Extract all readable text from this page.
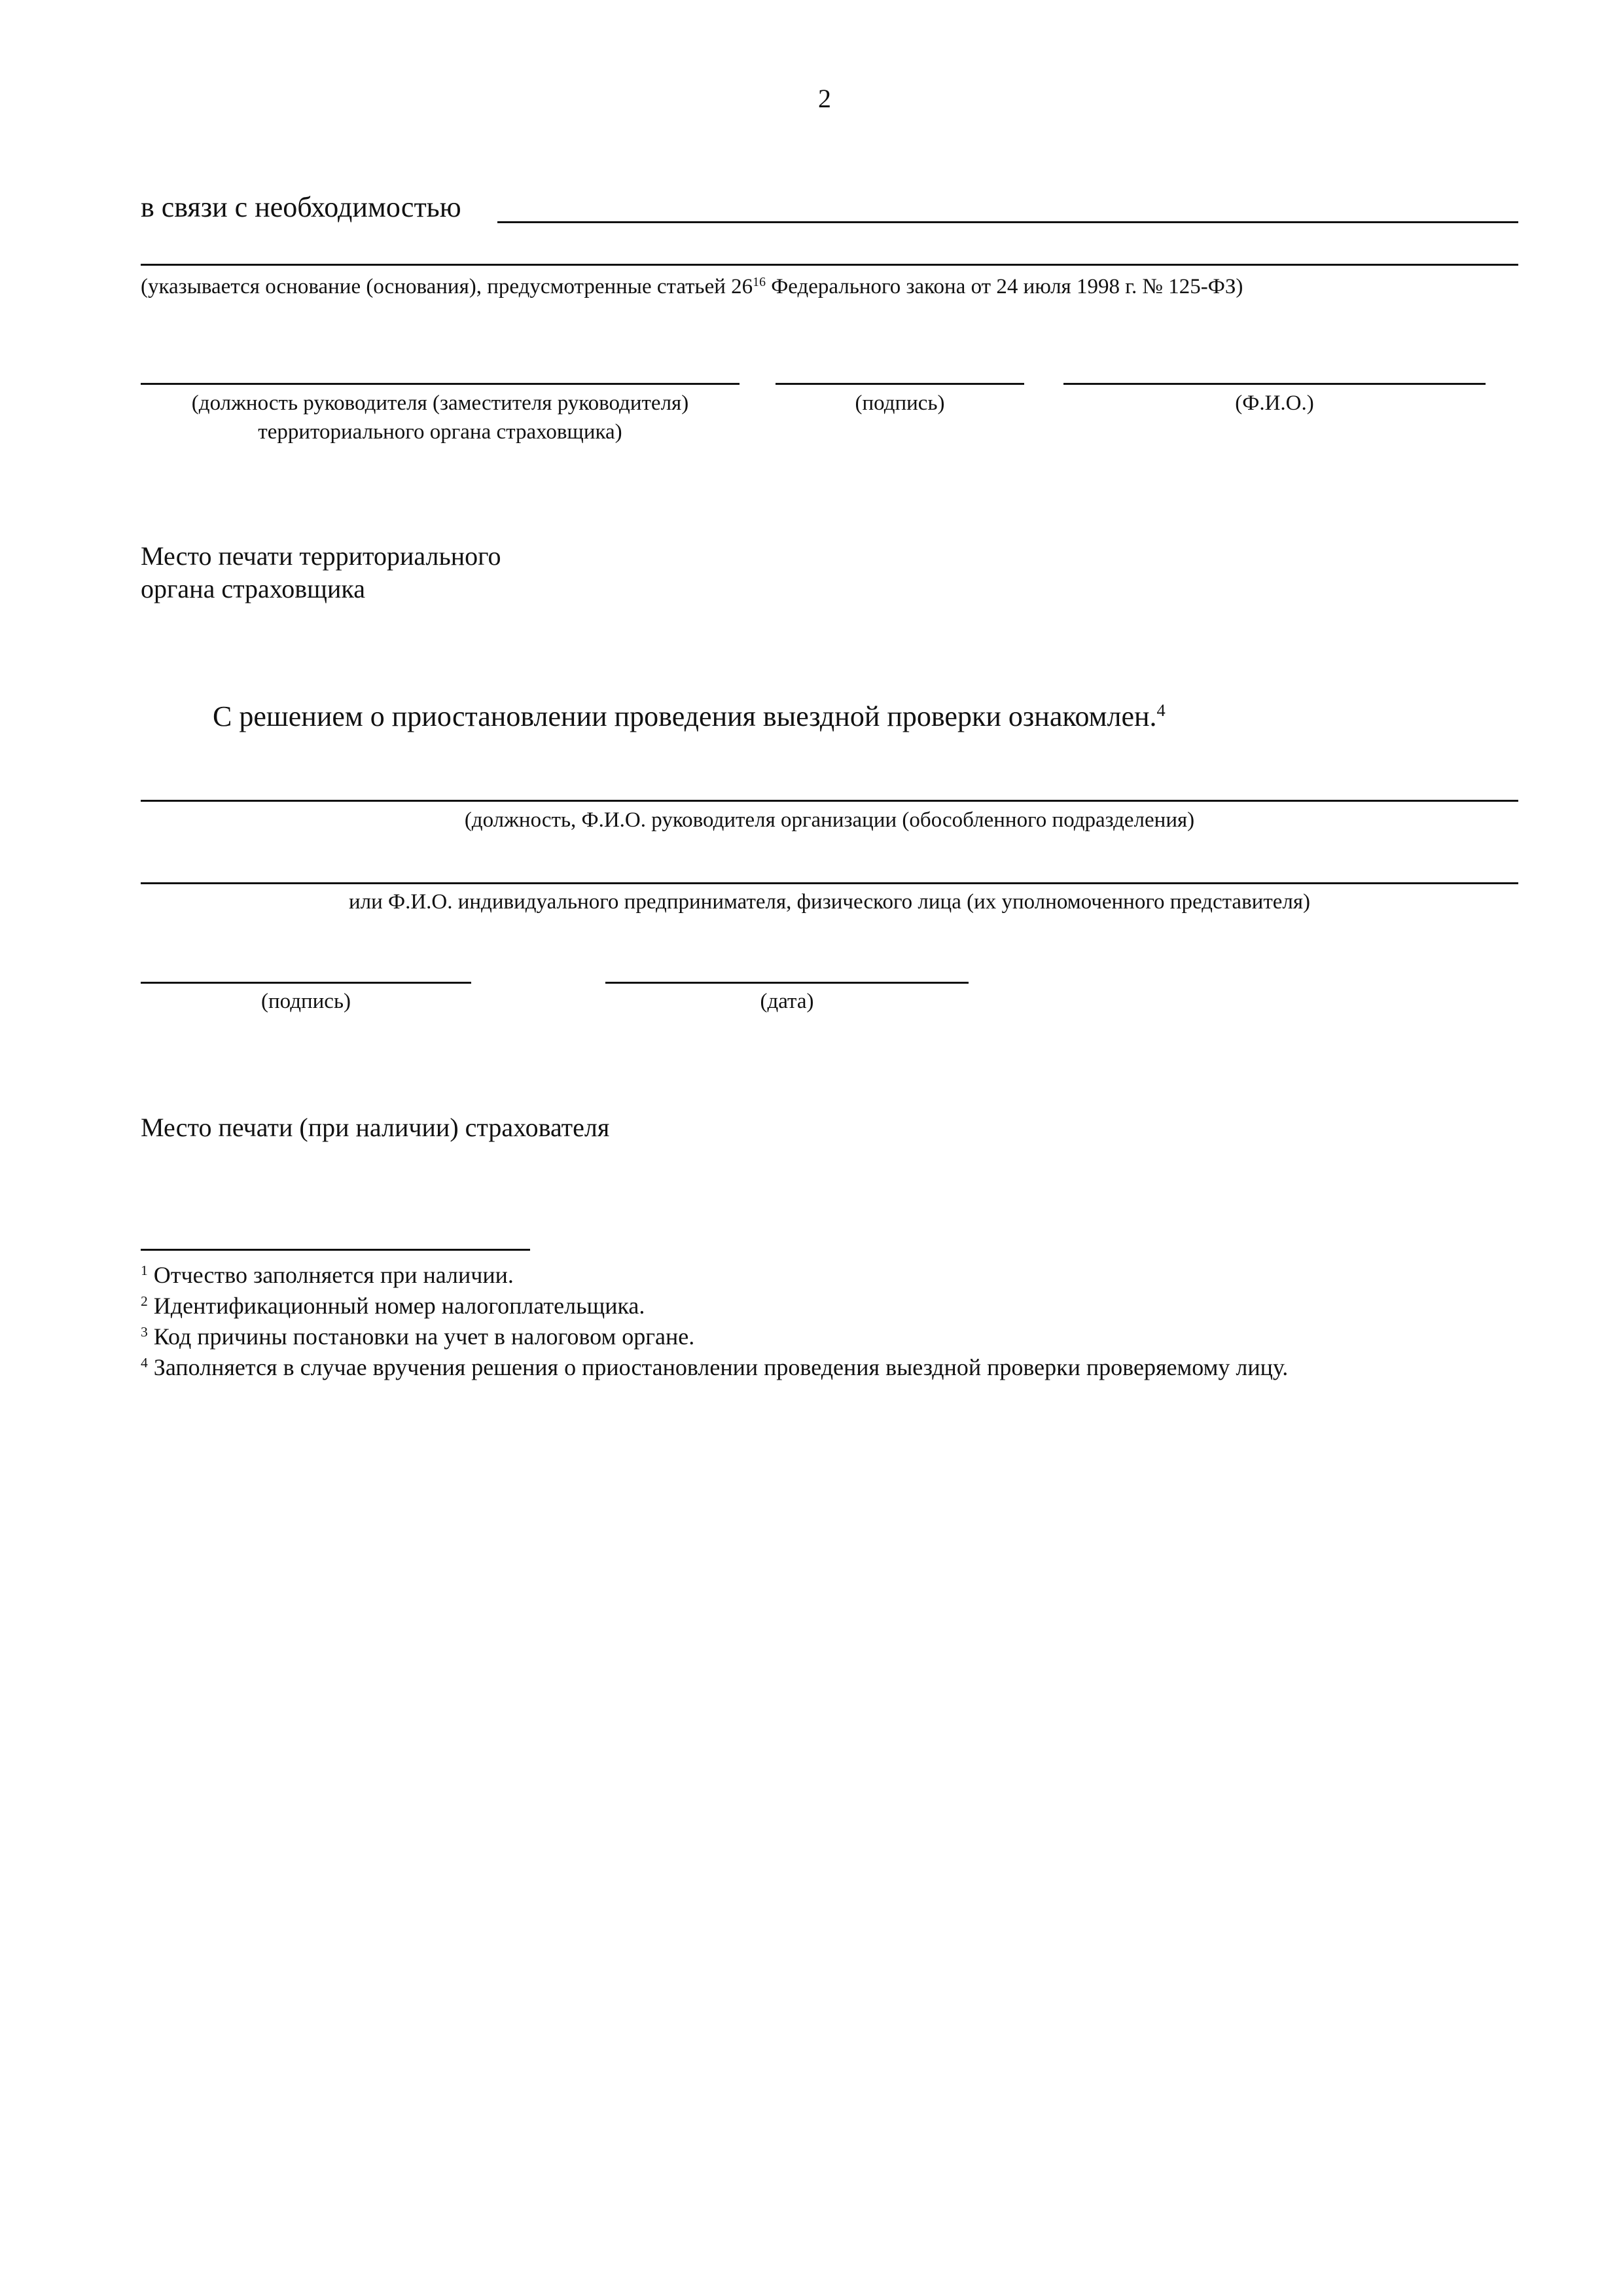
2
в связи с необходимостью
(указывается основание (основания), предусмотренные статьей $26^{16}$ Федерального закона от 24 июля 1998 г. № 125-ФЗ)
(должность руководителя (заместителя руководителя)
территориального органа страховщика)
(подпись)	(Ф.И.О.)
Место печати территориального
органа страховщика
С решением о приостановлении проведения выездной проверки ознакомлен.$^4$
(должность, Ф.И.О. руководителя организации (обособленного подразделения)
или Ф.И.О. индивидуального предпринимателя, физического лица (их уполномоченного представителя)
(подпись)	(дата)
Место печати (при наличии) страхователя
$^1$ Отчество заполняется при наличии.
$^2$ Идентификационный номер налогоплательщика.
$^3$ Код причины постановки на учет в налоговом органе.
$^4$ Заполняется в случае вручения решения о приостановлении проведения выездной проверки проверяемому лицу.
